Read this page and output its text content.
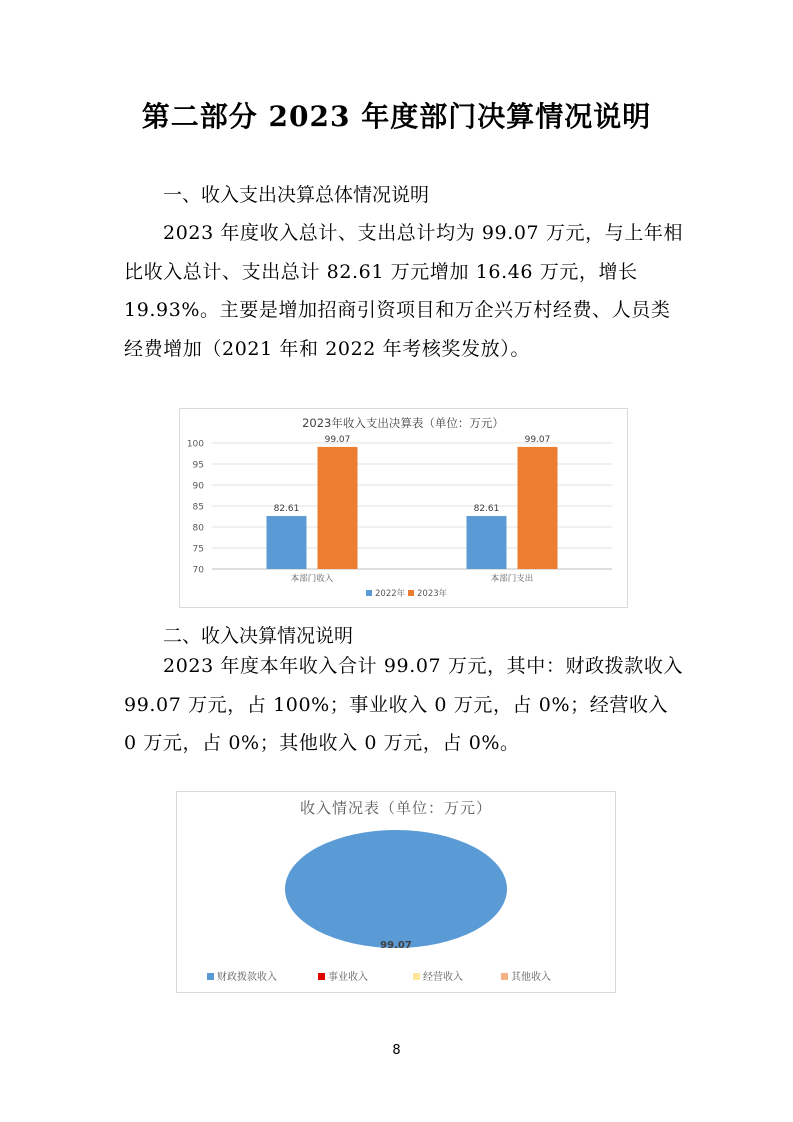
第二部分 2023 年度部门决算情况说明
一、收入支出决算总体情况说明

2023 年度收入总计、支出总计均为 99.07 万元，与上年相比收入总计、支出总计 82.61 万元增加 16.46 万元，增长19.93%。主要是增加招商引资项目和万企兴万村经费、人员类经费增加（2021 年和 2022 年考核奖发放）。

2023年收入支出决算表（单位：万元）
70
75
80
85
90
95
100
82.61
99.07
本部门收入
82.61
99.07
本部门支出
2022年 2023年
二、收入决算情况说明

2023 年度本年收入合计 99.07 万元，其中：财政拨款收入 99.07 万元，占 100%；事业收入 0 万元，占 0%；经营收入 0 万元，占 0%；其他收入 0 万元，占 0%。

收入情况表（单位：万元）
99.07
财政拨款收入	事业收入	经营收入	其他收入
8
